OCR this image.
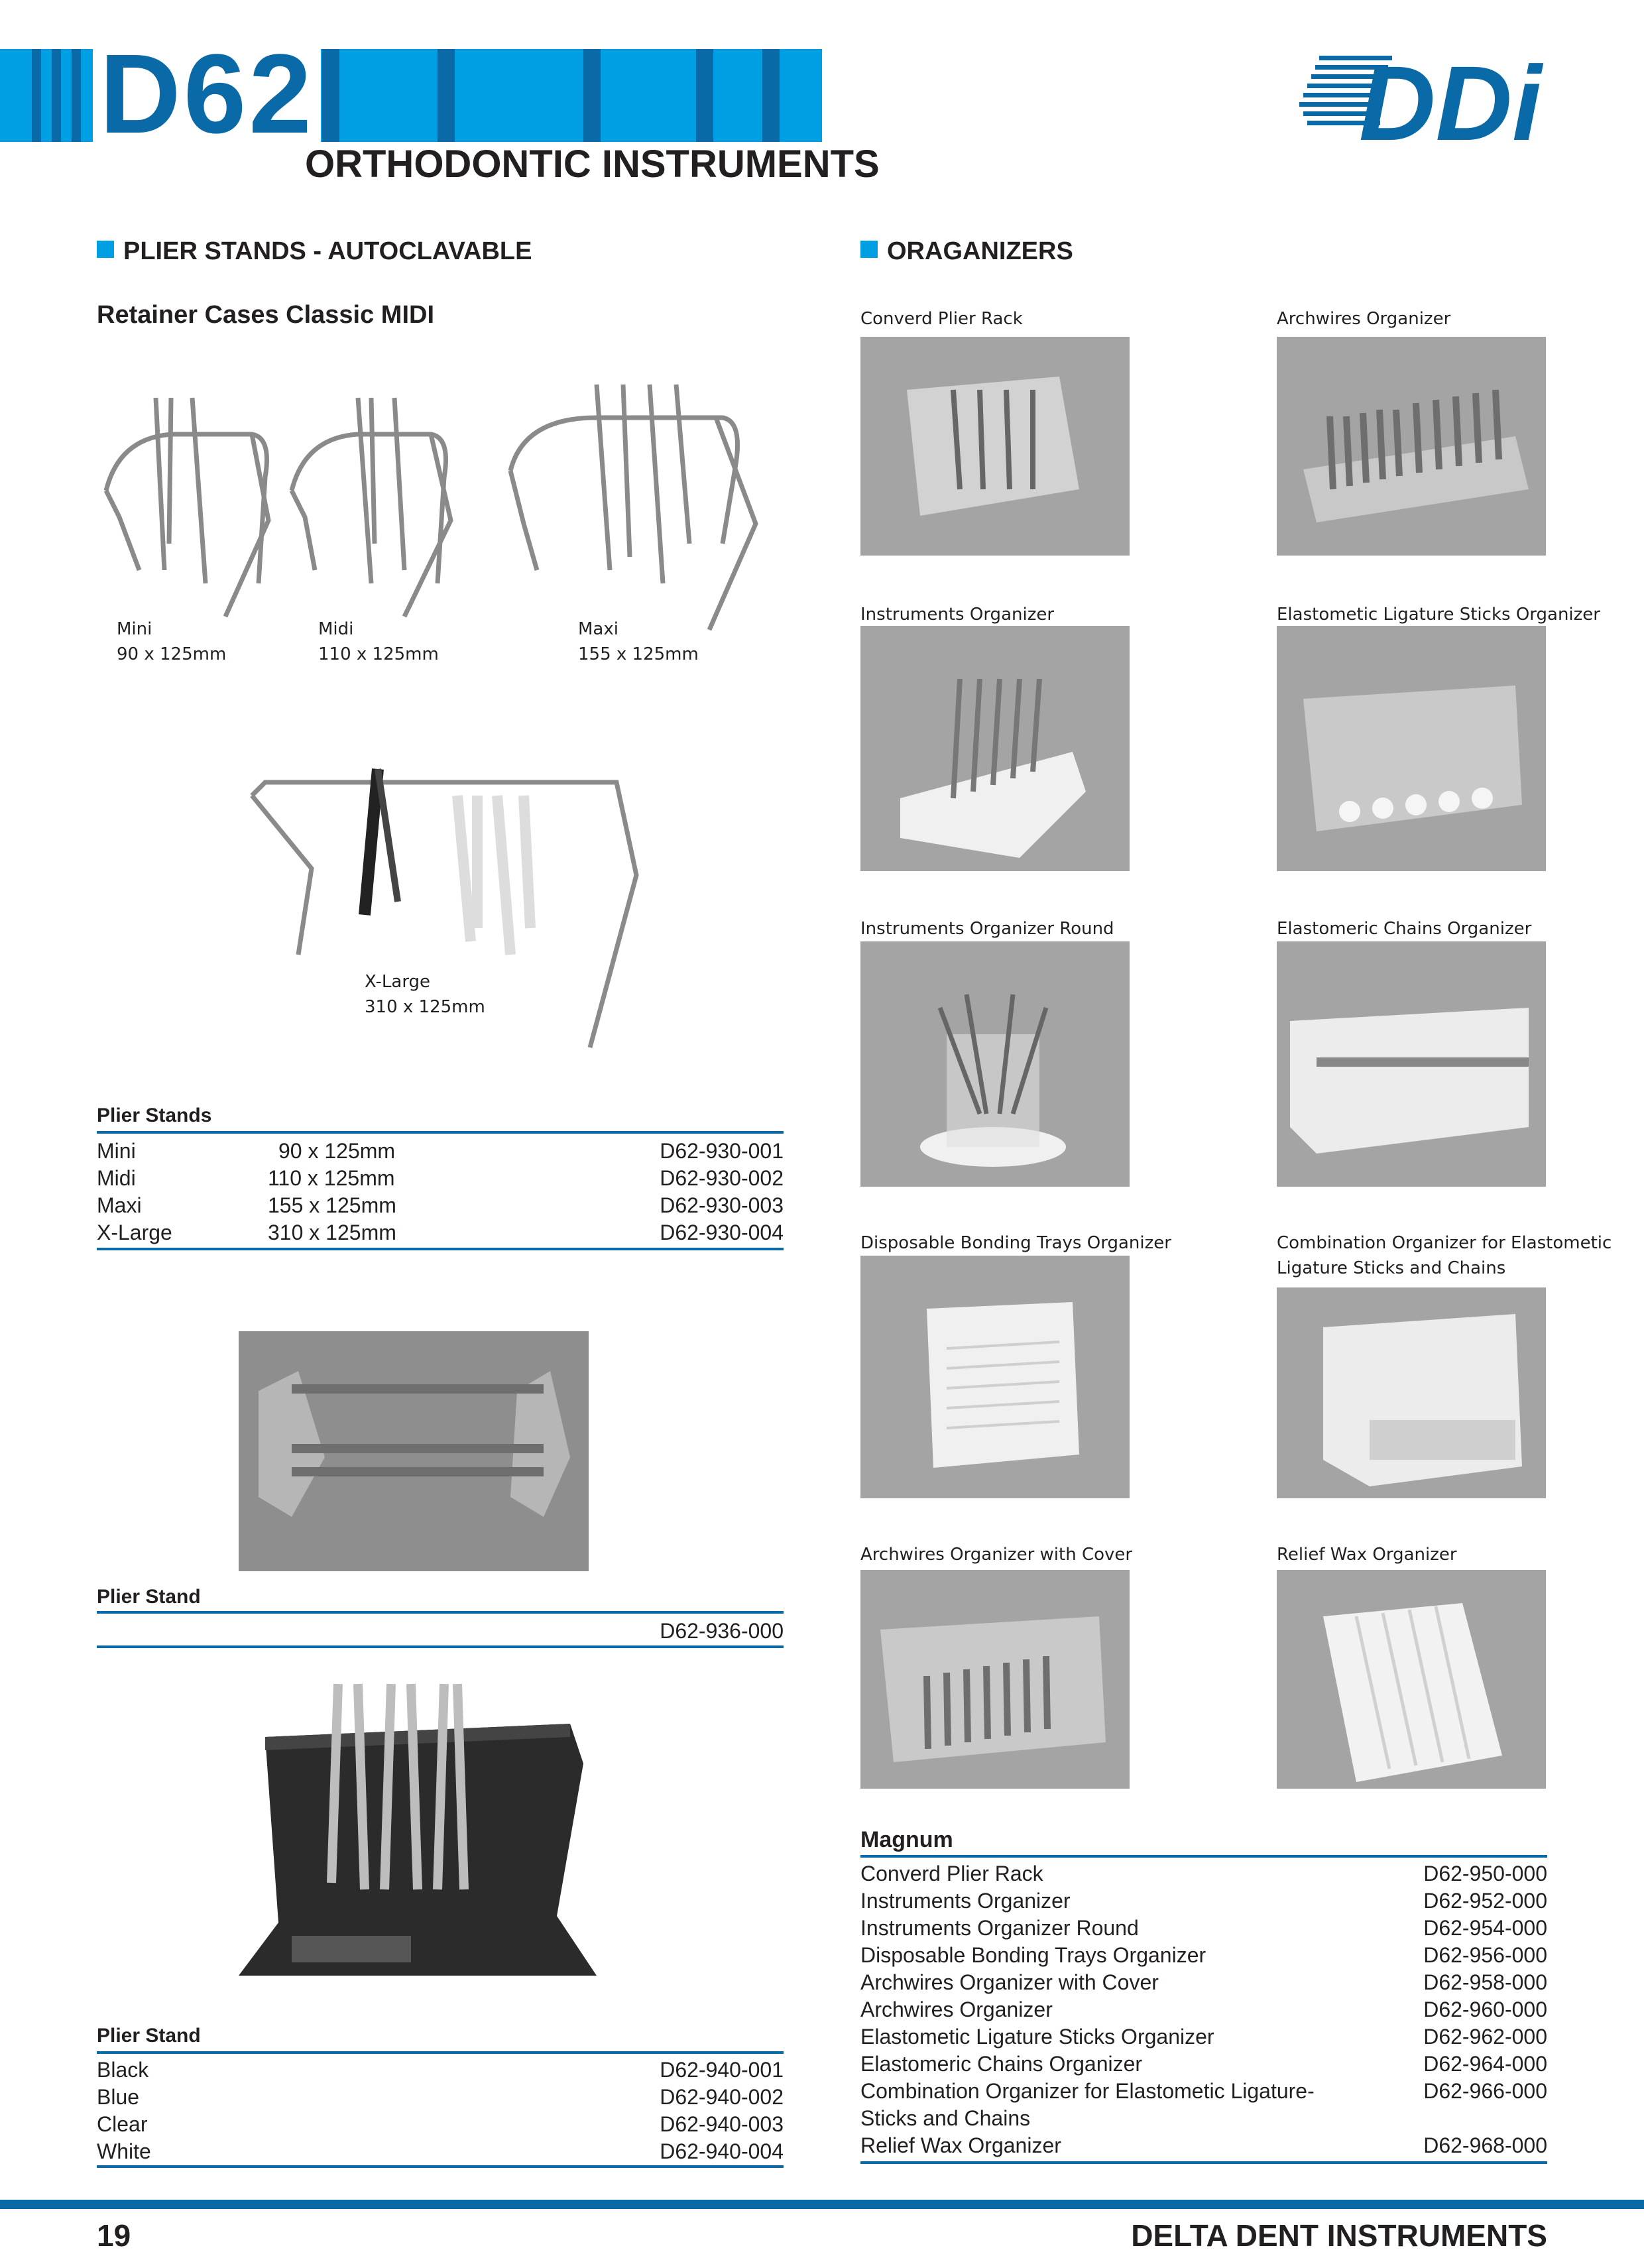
D62
ORTHODONTIC INSTRUMENTS
DDi
PLIER STANDS - AUTOCLAVABLE
Retainer Cases Classic MIDI
Mini
90 x 125mm
Midi
110 x 125mm
Maxi
155 x 125mm
X-Large
310 x 125mm
Plier Stands
Mini	90 x 125mm	D62-930-001
Midi	110 x 125mm	D62-930-002
Maxi	155 x 125mm	D62-930-003
X-Large	310 x 125mm	D62-930-004
Plier Stand
D62-936-000
Plier Stand
Black	D62-940-001
Blue	D62-940-002
Clear	D62-940-003
White	D62-940-004
ORAGANIZERS
Converd Plier Rack	Archwires Organizer
Instruments Organizer	Elastometic Ligature Sticks Organizer
Instruments Organizer Round	Elastomeric Chains Organizer
Disposable Bonding Trays Organizer	Combination Organizer for Elastometic
Ligature Sticks and Chains
Archwires Organizer with Cover	Relief Wax Organizer
Magnum
Converd Plier Rack	D62-950-000
Instruments Organizer	D62-952-000
Instruments Organizer Round	D62-954-000
Disposable Bonding Trays Organizer	D62-956-000
Archwires Organizer with Cover	D62-958-000
Archwires Organizer	D62-960-000
Elastometic Ligature Sticks Organizer	D62-962-000
Elastomeric Chains Organizer	D62-964-000
Combination Organizer for Elastometic Ligature-	D62-966-000
Sticks and Chains
Relief Wax Organizer	D62-968-000
19	DELTA DENT INSTRUMENTS
